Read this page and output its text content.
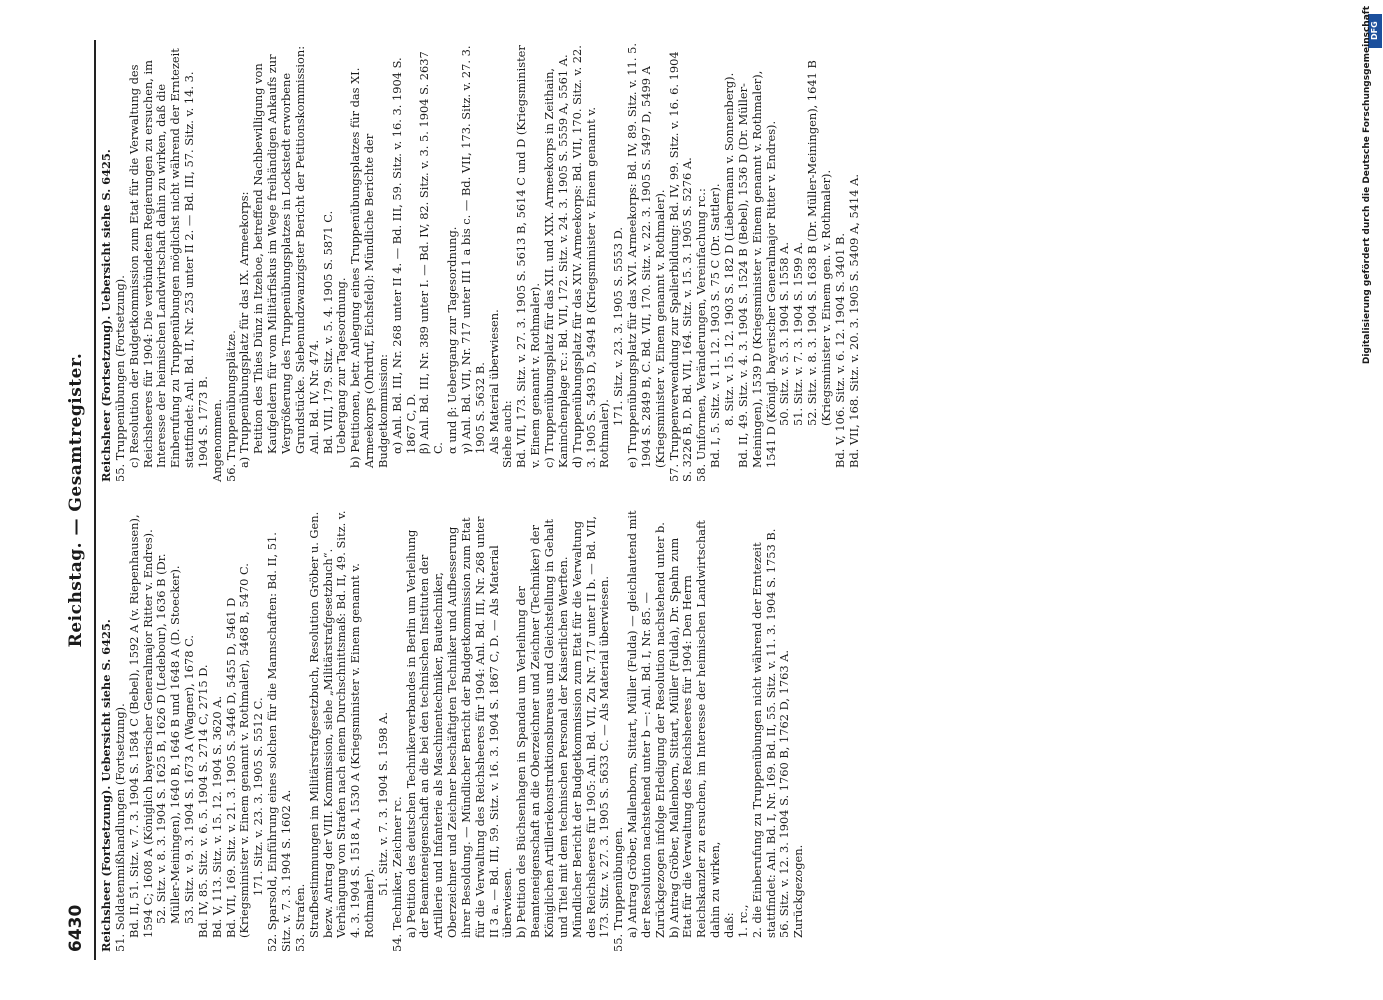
6430
Reichstag. — Gesamtregister.

Reichsheer (Fortsetzung). Uebersicht siehe S. 6425. 51. Soldatenmißhandlungen (Fortsetzung). Bd. II, 51. Sitz. v. 7. 3. 1904 S. 1584 C (Bebel), 1592 A (v. Riepenhausen), 1594 C; 1608 A (Königlich bayerischer Generalmajor Ritter v. Endres). 52. Sitz. v. 8. 3. 1904 S. 1625 B, 1626 D (Ledebour), 1636 B (Dr. Müller-Meiningen), 1640 B, 1646 B und 1648 A (D. Stoecker). 53. Sitz. v. 9. 3. 1904 S. 1673 A (Wagner), 1678 C. Bd. IV, 85. Sitz. v. 6. 5. 1904 S. 2714 C, 2715 D. Bd. V, 113. Sitz. v. 15. 12. 1904 S. 3620 A. Bd. VII, 169. Sitz. v. 21. 3. 1905 S. 5446 D, 5455 D, 5461 D (Kriegsminister v. Einem genannt v. Rothmaler), 5468 B, 5470 C. 171. Sitz. v. 23. 3. 1905 S. 5512 C. 52. Sparsold, Einführung eines solchen für die Mannschaften: Bd. II, 51. Sitz. v. 7. 3. 1904 S. 1602 A. 53. Strafen. Strafbestimmungen im Militärstrafgesetzbuch, Resolution Gröber u. Gen. bezw. Antrag der VIII. Kommission, siehe „Militärstrafgesetzbuch“. Verhängung von Strafen nach einem Durchschnittsmaß: Bd. II, 49. Sitz. v. 4. 3. 1904 S. 1518 A, 1530 A (Kriegsminister v. Einem genannt v. Rothmaler).

51. Sitz. v. 7. 3. 1904 S. 1598 A. 54. Techniker, Zeichner rc. a) Petition des deutschen Technikerverbandes in Berlin um Verleihung der Beamteneigenschaft an die bei den technischen Instituten der Artillerie und Infanterie als Maschinentechniker, Bautechniker, Oberzeichner und Zeichner beschäftigten Techniker und Aufbesserung ihrer Besoldung. — Mündlicher Bericht der Budgetkommission zum Etat für die Verwaltung des Reichsheeres für 1904: Anl. Bd. III, Nr. 268 unter II 3 a. — Bd. III, 59. Sitz. v. 16. 3. 1904 S. 1867 C, D. — Als Material überwiesen. b) Petition des Büchsenhagen in Spandau um Verleihung der Beamteneigenschaft an die Oberzeichner und Zeichner (Techniker) der Königlichen Artilleriekonstruktionsbureaus und Gleichstellung in Gehalt und Titel mit dem technischen Personal der Kaiserlichen Werften. Mündlicher Bericht der Budgetkommission zum Etat für die Verwaltung des Reichsheeres für 1905: Anl. Bd. VII, Zu Nr. 717 unter II b. — Bd. VII, 173. Sitz. v. 27. 3. 1905 S. 5633 C. — Als Material überwiesen. 55. Truppenübungen. a) Antrag Gröber, Mallenborn, Sittart, Müller (Fulda) — gleichlautend mit der Resolution nachstehend unter b —: Anl. Bd. I, Nr. 85. — Zurückgezogen infolge Erledigung der Resolution nachstehend unter b. b) Antrag Gröber, Mallenborn, Sittart, Müller (Fulda), Dr. Spahn zum Etat für die Verwaltung des Reichsheeres für 1904: Den Herrn Reichskanzler zu ersuchen, im Interesse der heimischen Landwirtschaft dahin zu wirken, daß: 1. rc., 2. die Einberufung zu Truppenübungen nicht während der Erntezeit stattfindet: Anl. Bd. I, Nr. 169. Bd. II, 55. Sitz. v. 11. 3. 1904 S. 1753 B. 56. Sitz. v. 12. 3. 1904 S. 1760 B, 1762 D, 1763 A. Zurückgezogen.

Reichsheer (Fortsetzung). Uebersicht siehe S. 6425. 55. Truppenübungen (Fortsetzung). c) Resolution der Budgetkommission zum Etat für die Verwaltung des Reichsheeres für 1904: Die verbündeten Regierungen zu ersuchen, im Interesse der heimischen Landwirtschaft dahin zu wirken, daß die Einberufung zu Truppenübungen möglichst nicht während der Erntezeit stattfindet: Anl. Bd. II, Nr. 253 unter II 2. — Bd. III, 57. Sitz. v. 14. 3. 1904 S. 1773 B. Angenommen. 56. Truppenübungsplätze. a) Truppenübungsplatz für das IX. Armeekorps: Petition des Thies Dünz in Itzehoe, betreffend Nachbewilligung von Kaufgeldern für vom Militärfiskus im Wege freihändigen Ankaufs zur Vergrößerung des Truppenübungsplatzes in Lockstedt erworbene Grundstücke. Siebenundzwanzigster Bericht der Petitionskommission: Anl. Bd. IV, Nr. 474. Bd. VIII, 179. Sitz. v. 5. 4. 1905 S. 5871 C. Uebergang zur Tagesordnung. b) Petitionen, betr. Anlegung eines Truppenübungsplatzes für das XI. Armeekorps (Ohrdruf, Eichsfeld): Mündliche Berichte der Budgetkommission: α) Anl. Bd. III, Nr. 268 unter II 4. — Bd. III, 59. Sitz. v. 16. 3. 1904 S. 1867 C, D. β) Anl. Bd. III, Nr. 389 unter I. — Bd. IV, 82. Sitz. v. 3. 5. 1904 S. 2637 C. α und β: Uebergang zur Tagesordnung. γ) Anl. Bd. VII, Nr. 717 unter III 1 a bis c. — Bd. VII, 173. Sitz. v. 27. 3. 1905 S. 5632 B. Als Material überwiesen. Siehe auch: Bd. VII, 173. Sitz. v. 27. 3. 1905 S. 5613 B, 5614 C und D (Kriegsminister v. Einem genannt v. Rothmaler). c) Truppenübungsplatz für das XII. und XIX. Armeekorps in Zeithain, Kaninchenplage rc.: Bd. VII, 172. Sitz. v. 24. 3. 1905 S. 5559 A, 5561 A. d) Truppenübungsplatz für das XIV. Armeekorps: Bd. VII, 170. Sitz. v. 22. 3. 1905 S. 5493 D, 5494 B (Kriegsminister v. Einem genannt v. Rothmaler).

171. Sitz. v. 23. 3. 1905 S. 5553 D. e) Truppenübungsplatz für das XVI. Armeekorps: Bd. IV, 89. Sitz. v. 11. 5. 1904 S. 2849 B, C. Bd. VII, 170. Sitz. v. 22. 3. 1905 S. 5497 D, 5499 A (Kriegsminister v. Einem genannt v. Rothmaler). 57. Truppenverwendung zur Spalierbildung: Bd. IV, 99. Sitz. v. 16. 6. 1904 S. 3226 B, D. Bd. VII, 164. Sitz. v. 15. 3. 1905 S. 5276 A. 58. Uniformen, Veränderungen, Vereinfachung rc.: Bd. I, 5. Sitz. v. 11. 12. 1903 S. 75 C (Dr. Sattler). 8. Sitz. v. 15. 12. 1903 S. 182 D (Liebermann v. Sonnenberg). Bd. II, 49. Sitz. v. 4. 3. 1904 S. 1524 B (Bebel), 1536 D (Dr. Müller-Meiningen), 1539 D (Kriegsminister v. Einem genannt v. Rothmaler), 1541 D (Königl. bayerischer Generalmajor Ritter v. Endres). 50. Sitz. v. 5. 3. 1904 S. 1558 A. 51. Sitz. v. 7. 3. 1904 S. 1599 A. 52. Sitz. v. 8. 3. 1904 S. 1638 B (Dr. Müller-Meiningen), 1641 B (Kriegsminister v. Einem gen. v. Rothmaler). Bd. V, 106. Sitz. v. 6. 12. 1904 S. 3401 B. Bd. VII, 168. Sitz. v. 20. 3. 1905 S. 5409 A, 5414 A.

DFG
Digitalisierung gefördert durch die Deutsche Forschungsgemeinschaft
